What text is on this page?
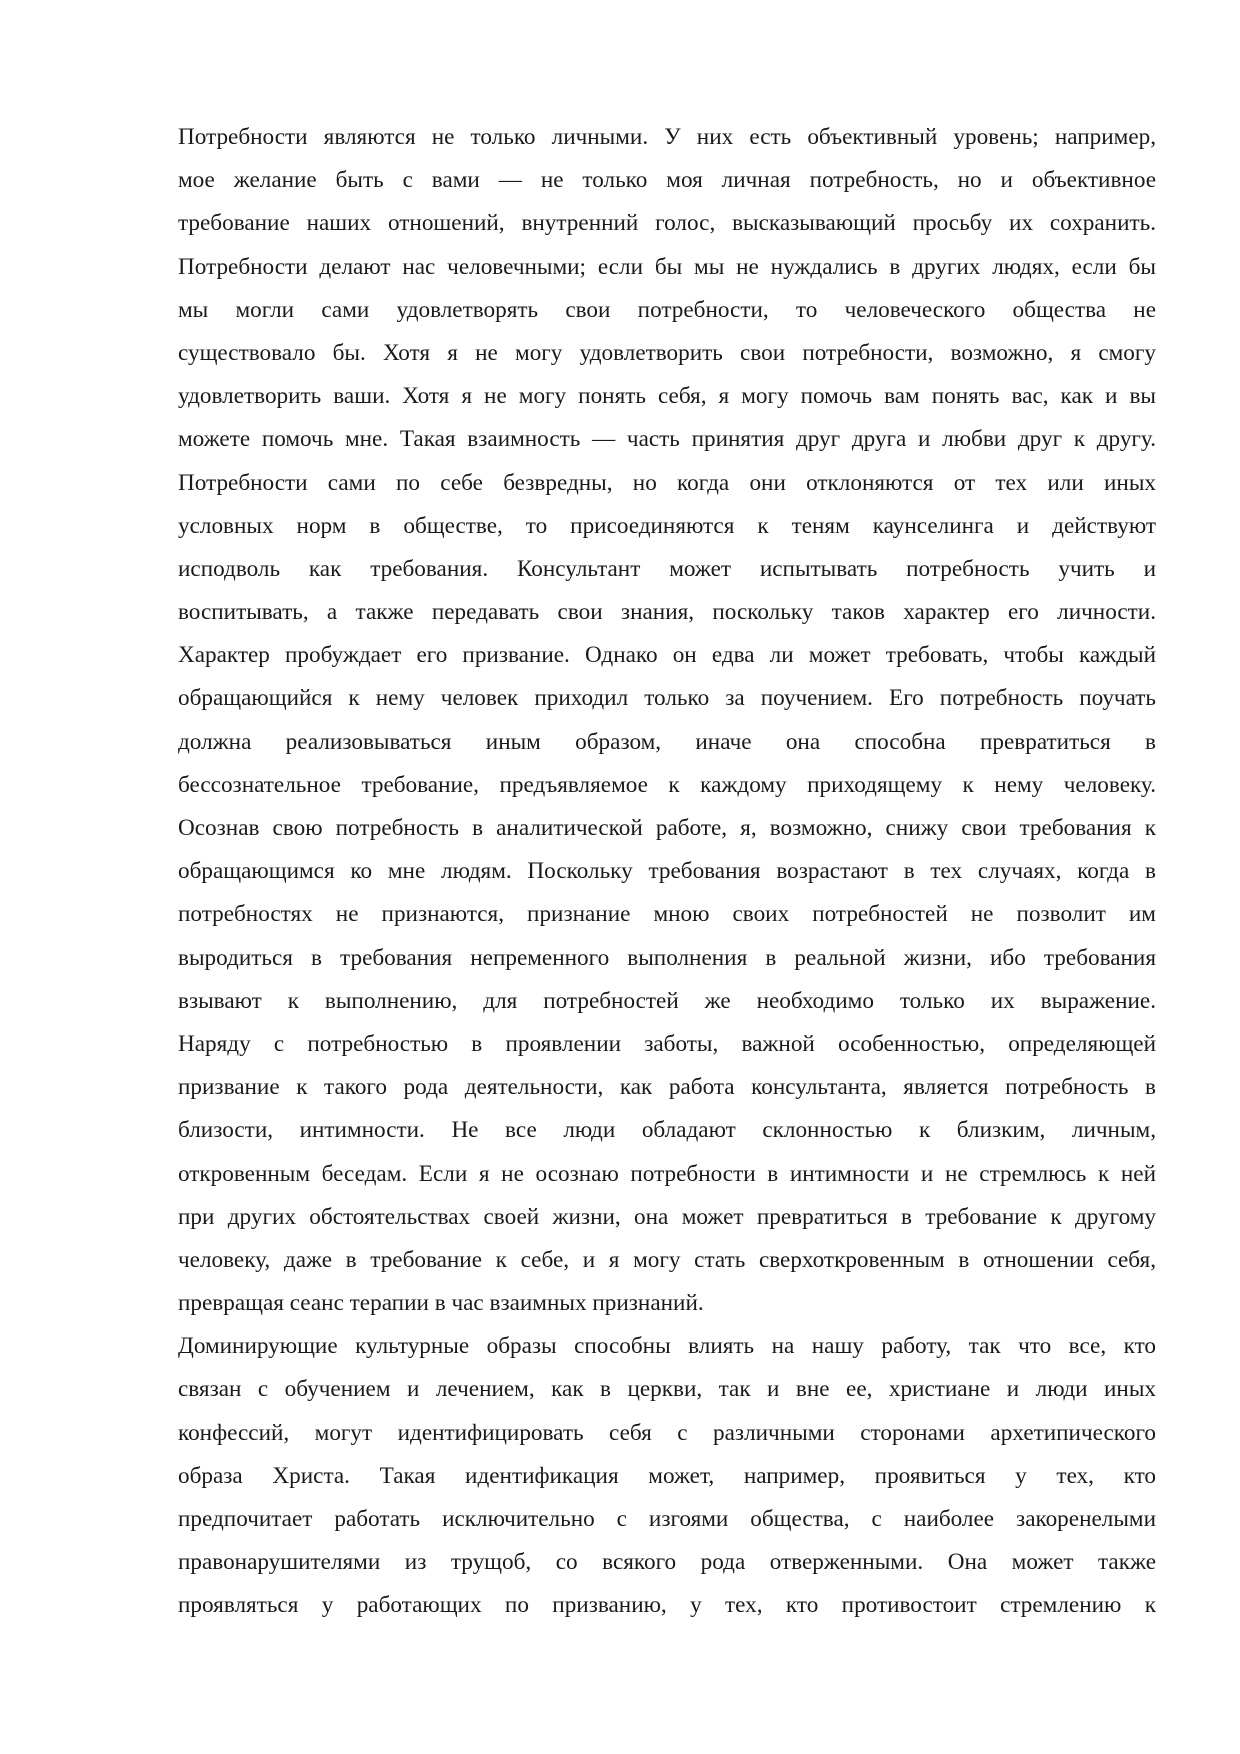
Потребности являются не только личными. У них есть объективный уровень; например,
мое желание быть с вами — не только моя личная потребность, но и объективное
требование наших отношений, внутренний голос, высказывающий просьбу их сохранить.
Потребности делают нас человечными; если бы мы не нуждались в других людях, если бы
мы могли сами удовлетворять свои потребности, то человеческого общества не
существовало бы. Хотя я не могу удовлетворить свои потребности, возможно, я смогу
удовлетворить ваши. Хотя я не могу понять себя, я могу помочь вам понять вас, как и вы
можете помочь мне. Такая взаимность — часть принятия друг друга и любви друг к другу.
Потребности сами по себе безвредны, но когда они отклоняются от тех или иных
условных норм в обществе, то присоединяются к теням каунселинга и действуют
исподволь как требования. Консультант может испытывать потребность учить и
воспитывать, а также передавать свои знания, поскольку таков характер его личности.
Характер пробуждает его призвание. Однако он едва ли может требовать, чтобы каждый
обращающийся к нему человек приходил только за поучением. Его потребность поучать
должна реализовываться иным образом, иначе она способна превратиться в
бессознательное требование, предъявляемое к каждому приходящему к нему человеку.
Осознав свою потребность в аналитической работе, я, возможно, снижу свои требования к
обращающимся ко мне людям. Поскольку требования возрастают в тех случаях, когда в
потребностях не признаются, признание мною своих потребностей не позволит им
выродиться в требования непременного выполнения в реальной жизни, ибо требования
взывают к выполнению, для потребностей же необходимо только их выражение.
Наряду с потребностью в проявлении заботы, важной особенностью, определяющей
призвание к такого рода деятельности, как работа консультанта, является потребность в
близости, интимности. Не все люди обладают склонностью к близким, личным,
откровенным беседам. Если я не осознаю потребности в интимности и не стремлюсь к ней
при других обстоятельствах своей жизни, она может превратиться в требование к другому
человеку, даже в требование к себе, и я могу стать сверхоткровенным в отношении себя,
превращая сеанс терапии в час взаимных признаний.
Доминирующие культурные образы способны влиять на нашу работу, так что все, кто
связан с обучением и лечением, как в церкви, так и вне ее, христиане и люди иных
конфессий, могут идентифицировать себя с различными сторонами архетипического
образа Христа. Такая идентификация может, например, проявиться у тех, кто
предпочитает работать исключительно с изгоями общества, с наиболее закоренелыми
правонарушителями из трущоб, со всякого рода отверженными. Она может также
проявляться у работающих по призванию, у тех, кто противостоит стремлению к
